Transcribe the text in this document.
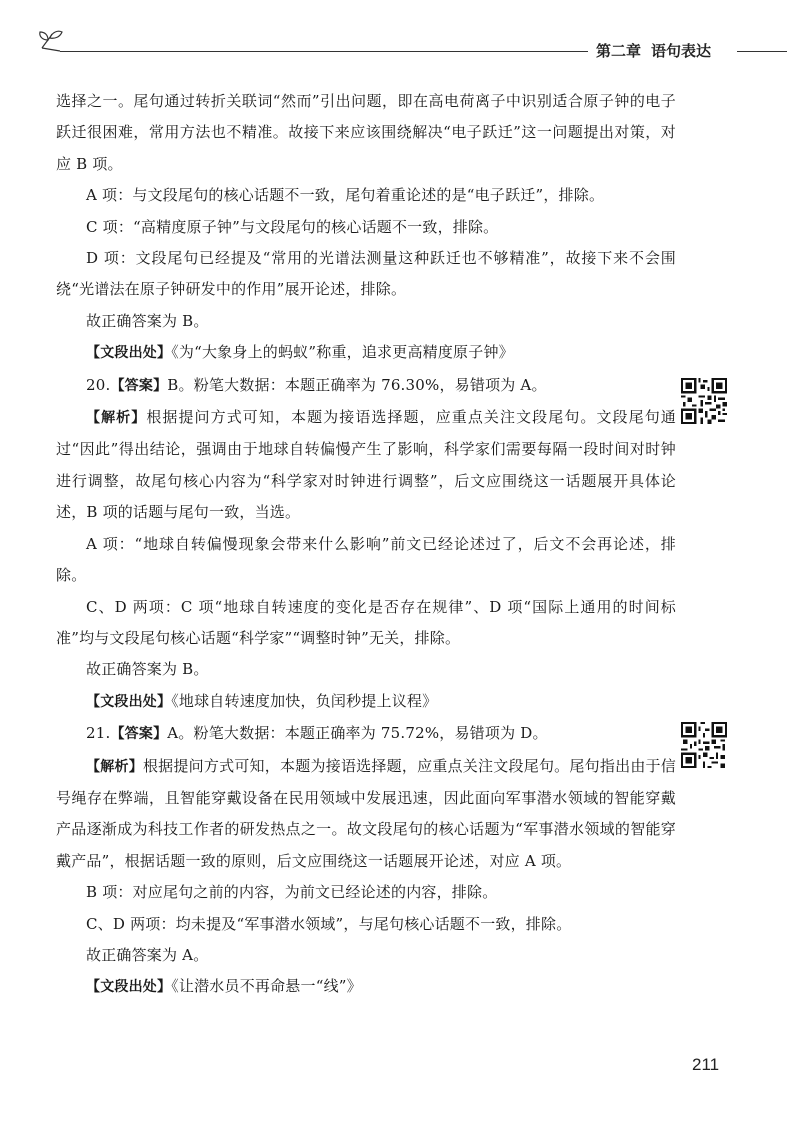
第二章 语句表达

选择之一。尾句通过转折关联词“然而”引出问题，即在高电荷离子中识别适合原子钟的电子跃迁很困难，常用方法也不精准。故接下来应该围绕解决“电子跃迁”这一问题提出对策，对应 B 项。

A 项：与文段尾句的核心话题不一致，尾句着重论述的是“电子跃迁”，排除。

C 项：“高精度原子钟”与文段尾句的核心话题不一致，排除。

D 项：文段尾句已经提及“常用的光谱法测量这种跃迁也不够精准”，故接下来不会围绕“光谱法在原子钟研发中的作用”展开论述，排除。

故正确答案为 B。

【文段出处】《为“大象身上的蚂蚁”称重，追求更高精度原子钟》

20.【答案】B。粉笔大数据：本题正确率为 76.30%，易错项为 A。

【解析】根据提问方式可知，本题为接语选择题，应重点关注文段尾句。文段尾句通过“因此”得出结论，强调由于地球自转偏慢产生了影响，科学家们需要每隔一段时间对时钟进行调整，故尾句核心内容为“科学家对时钟进行调整”，后文应围绕这一话题展开具体论述，B 项的话题与尾句一致，当选。

A 项：“地球自转偏慢现象会带来什么影响”前文已经论述过了，后文不会再论述，排除。

C、D 两项：C 项“地球自转速度的变化是否存在规律”、D 项“国际上通用的时间标准”均与文段尾句核心话题“科学家”“调整时钟”无关，排除。

故正确答案为 B。

【文段出处】《地球自转速度加快，负闰秒提上议程》

21.【答案】A。粉笔大数据：本题正确率为 75.72%，易错项为 D。

【解析】根据提问方式可知，本题为接语选择题，应重点关注文段尾句。尾句指出由于信号绳存在弊端，且智能穿戴设备在民用领域中发展迅速，因此面向军事潜水领域的智能穿戴产品逐渐成为科技工作者的研发热点之一。故文段尾句的核心话题为“军事潜水领域的智能穿戴产品”，根据话题一致的原则，后文应围绕这一话题展开论述，对应 A 项。

B 项：对应尾句之前的内容，为前文已经论述的内容，排除。

C、D 两项：均未提及“军事潜水领域”，与尾句核心话题不一致，排除。

故正确答案为 A。

【文段出处】《让潜水员不再命悬一“线”》

211
